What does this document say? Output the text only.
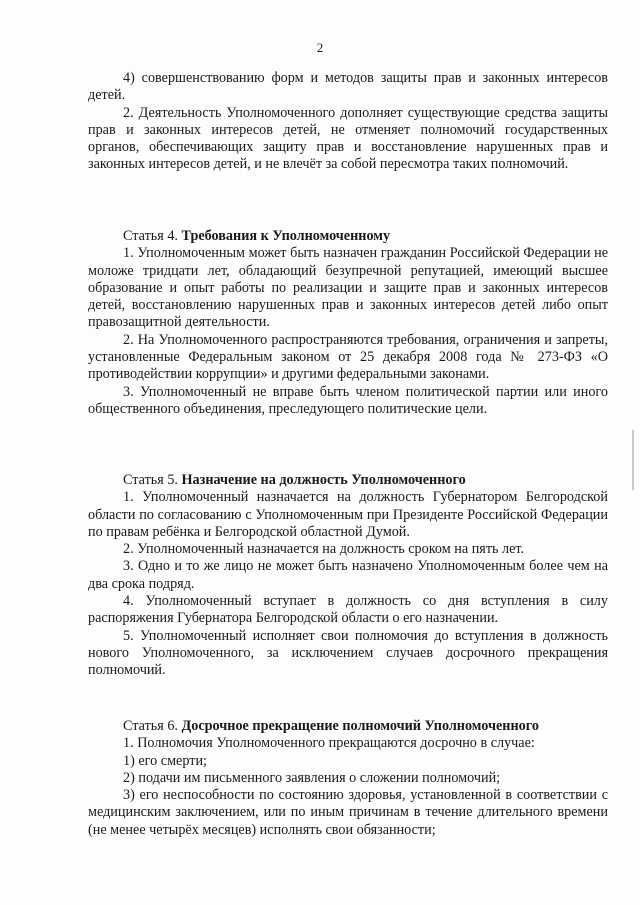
2

4) совершенствованию форм и методов защиты прав и законных интересов детей.

2. Деятельность Уполномоченного дополняет существующие средства защиты прав и законных интересов детей, не отменяет полномочий государственных органов, обеспечивающих защиту прав и восстановление нарушенных прав и законных интересов детей, и не влечёт за собой пересмотра таких полномочий.

Статья 4. Требования к Уполномоченному

1. Уполномоченным может быть назначен гражданин Российской Федерации не моложе тридцати лет, обладающий безупречной репутацией, имеющий высшее образование и опыт работы по реализации и защите прав и законных интересов детей, восстановлению нарушенных прав и законных интересов детей либо опыт правозащитной деятельности.

2. На Уполномоченного распространяются требования, ограничения и запреты, установленные Федеральным законом от 25 декабря 2008 года № 273-ФЗ «О противодействии коррупции» и другими федеральными законами.

3. Уполномоченный не вправе быть членом политической партии или иного общественного объединения, преследующего политические цели.

Статья 5. Назначение на должность Уполномоченного

1. Уполномоченный назначается на должность Губернатором Белгородской области по согласованию с Уполномоченным при Президенте Российской Федерации по правам ребёнка и Белгородской областной Думой.

2. Уполномоченный назначается на должность сроком на пять лет.

3. Одно и то же лицо не может быть назначено Уполномоченным более чем на два срока подряд.

4. Уполномоченный вступает в должность со дня вступления в силу распоряжения Губернатора Белгородской области о его назначении.

5. Уполномоченный исполняет свои полномочия до вступления в должность нового Уполномоченного, за исключением случаев досрочного прекращения полномочий.

Статья 6. Досрочное прекращение полномочий Уполномоченного

1. Полномочия Уполномоченного прекращаются досрочно в случае:

1) его смерти;

2) подачи им письменного заявления о сложении полномочий;

3) его неспособности по состоянию здоровья, установленной в соответствии с медицинским заключением, или по иным причинам в течение длительного времени (не менее четырёх месяцев) исполнять свои обязанности;
